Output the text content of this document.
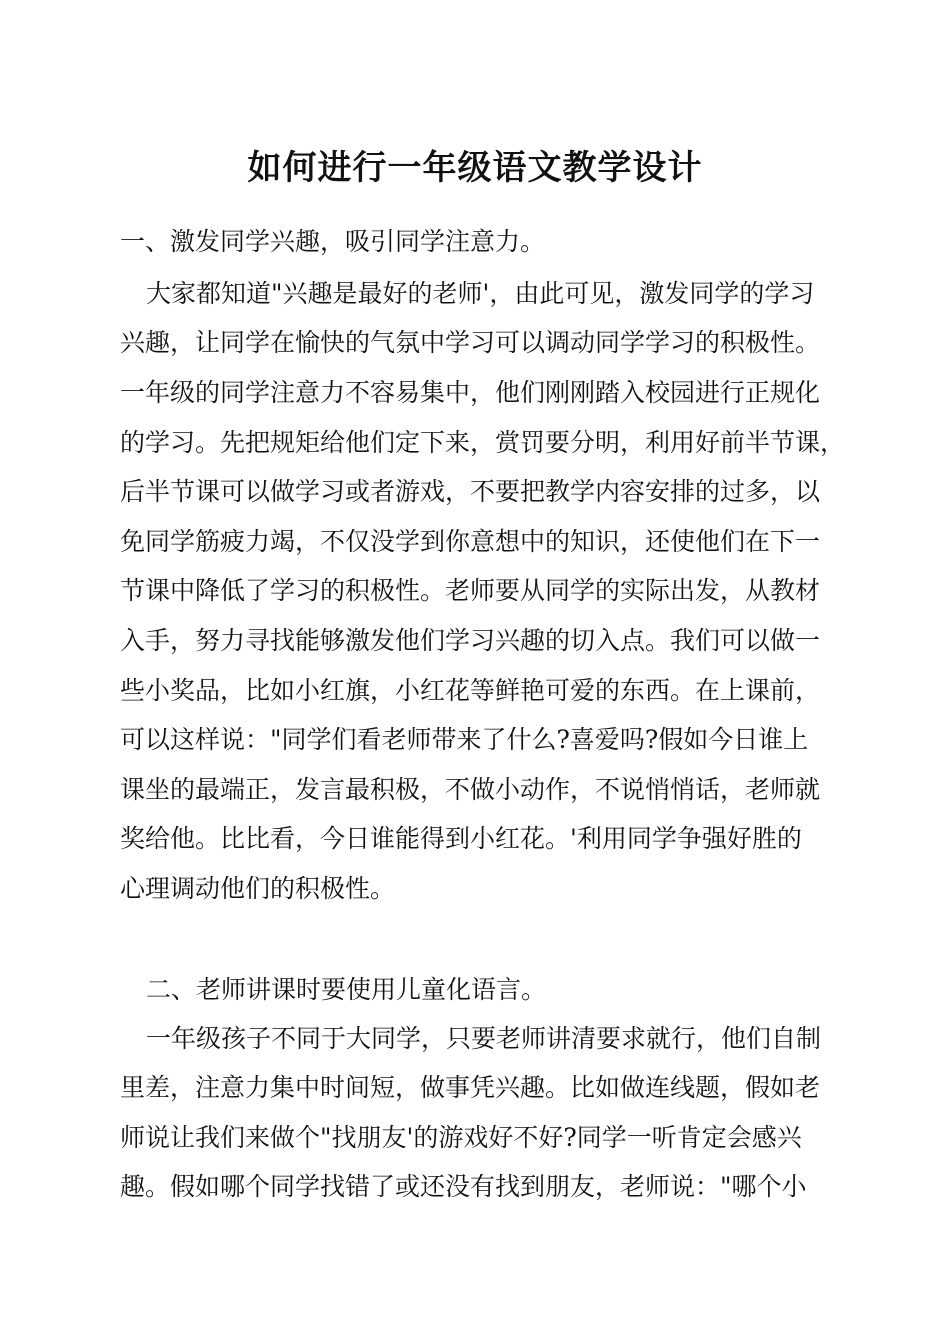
如何进行一年级语文教学设计

一、激发同学兴趣，吸引同学注意力。

大家都知道"兴趣是最好的老师'，由此可见，激发同学的学习

兴趣，让同学在愉快的气氛中学习可以调动同学学习的积极性。

一年级的同学注意力不容易集中，他们刚刚踏入校园进行正规化

的学习。先把规矩给他们定下来，赏罚要分明，利用好前半节课，

后半节课可以做学习或者游戏，不要把教学内容安排的过多，以

免同学筋疲力竭，不仅没学到你意想中的知识，还使他们在下一

节课中降低了学习的积极性。老师要从同学的实际出发，从教材

入手，努力寻找能够激发他们学习兴趣的切入点。我们可以做一

些小奖品，比如小红旗，小红花等鲜艳可爱的东西。在上课前，

可以这样说："同学们看老师带来了什么?喜爱吗?假如今日谁上

课坐的最端正，发言最积极，不做小动作，不说悄悄话，老师就

奖给他。比比看，今日谁能得到小红花。'利用同学争强好胜的

心理调动他们的积极性。

二、老师讲课时要使用儿童化语言。

一年级孩子不同于大同学，只要老师讲清要求就行，他们自制

里差，注意力集中时间短，做事凭兴趣。比如做连线题，假如老

师说让我们来做个"找朋友'的游戏好不好?同学一听肯定会感兴

趣。假如哪个同学找错了或还没有找到朋友，老师说："哪个小
